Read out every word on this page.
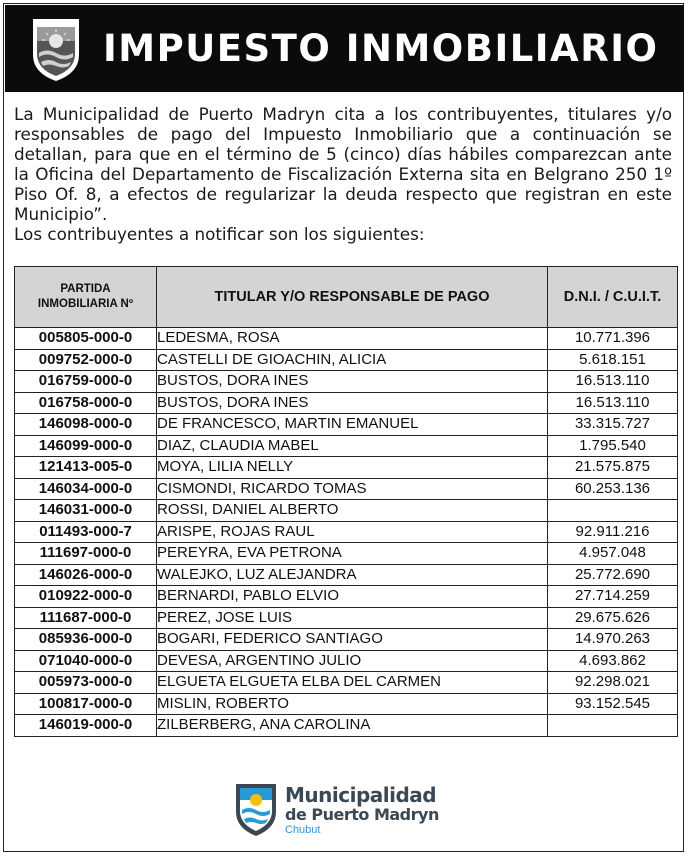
IMPUESTO INMOBILIARIO

La Municipalidad de Puerto Madryn cita a los contribuyentes, titulares y/o responsables de pago del Impuesto Inmobiliario que a continuación se detallan, para que en el término de 5 (cinco) días hábiles comparezcan ante la Oficina del Departamento de Fiscalización Externa sita en Belgrano 250 1º Piso Of. 8, a efectos de regularizar la deuda respecto que registran en este Municipio”.

Los contribuyentes a notificar son los siguientes:

PARTIDA
INMOBILIARIA Nº	TITULAR Y/O RESPONSABLE DE PAGO	D.N.I. / C.U.I.T.
005805-000-0	LEDESMA, ROSA	10.771.396
009752-000-0	CASTELLI DE GIOACHIN, ALICIA	5.618.151
016759-000-0	BUSTOS, DORA INES	16.513.110
016758-000-0	BUSTOS, DORA INES	16.513.110
146098-000-0	DE FRANCESCO, MARTIN EMANUEL	33.315.727
146099-000-0	DIAZ, CLAUDIA MABEL	1.795.540
121413-005-0	MOYA, LILIA NELLY	21.575.875
146034-000-0	CISMONDI, RICARDO TOMAS	60.253.136
146031-000-0	ROSSI, DANIEL ALBERTO	
011493-000-7	ARISPE, ROJAS RAUL	92.911.216
111697-000-0	PEREYRA, EVA PETRONA	4.957.048
146026-000-0	WALEJKO, LUZ ALEJANDRA	25.772.690
010922-000-0	BERNARDI, PABLO ELVIO	27.714.259
111687-000-0	PEREZ, JOSE LUIS	29.675.626
085936-000-0	BOGARI, FEDERICO SANTIAGO	14.970.263
071040-000-0	DEVESA, ARGENTINO JULIO	4.693.862
005973-000-0	ELGUETA ELGUETA ELBA DEL CARMEN	92.298.021
100817-000-0	MISLIN, ROBERTO	93.152.545
146019-000-0	ZILBERBERG, ANA CAROLINA	
Municipalidad
de Puerto Madryn
Chubut
